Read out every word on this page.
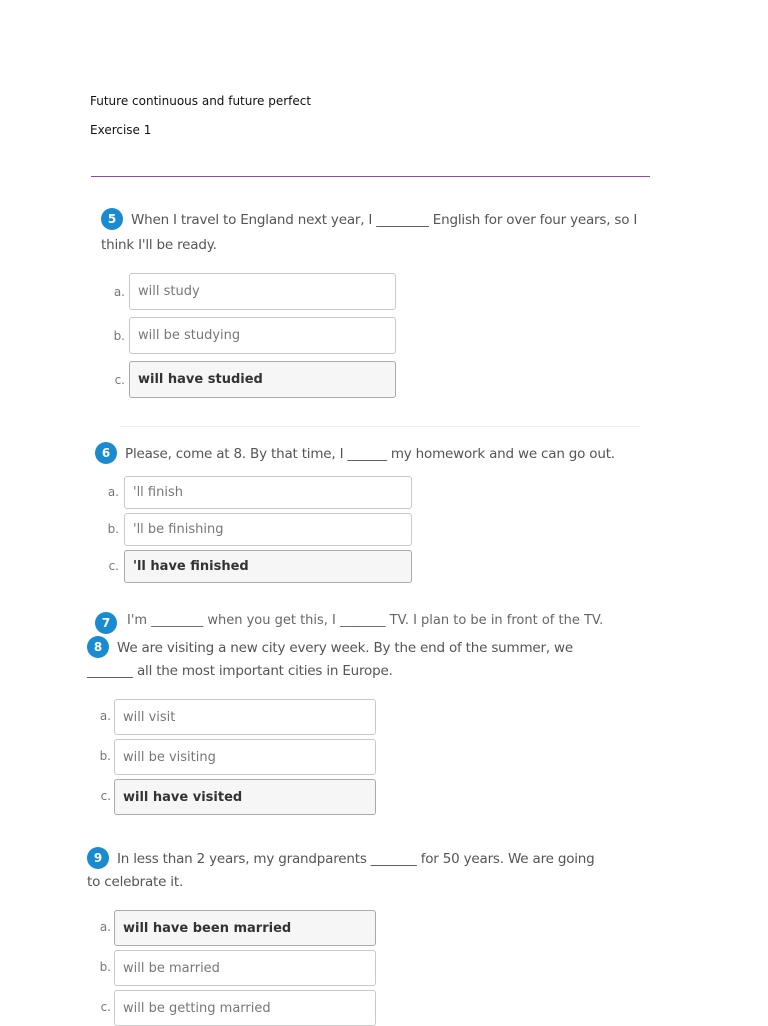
Future continuous and future perfect
Exercise 1
5 When I travel to England next year, I ________ English for over four years, so I think I'll be ready.
a.	will study
b.	will be studying
c.	will have studied
6 Please, come at 8. By that time, I ______ my homework and we can go out.
a.	'll finish
b.	'll be finishing
c.	'll have finished
7	I'm ________ when you get this, I _______ TV. I plan to be in front of the TV.
8 We are visiting a new city every week. By the end of the summer, we _______ all the most important cities in Europe.
a. will visit
b. will be visiting
c. will have visited
9 In less than 2 years, my grandparents _______ for 50 years. We are going to celebrate it.
a. will have been married
b. will be married
c. will be getting married
